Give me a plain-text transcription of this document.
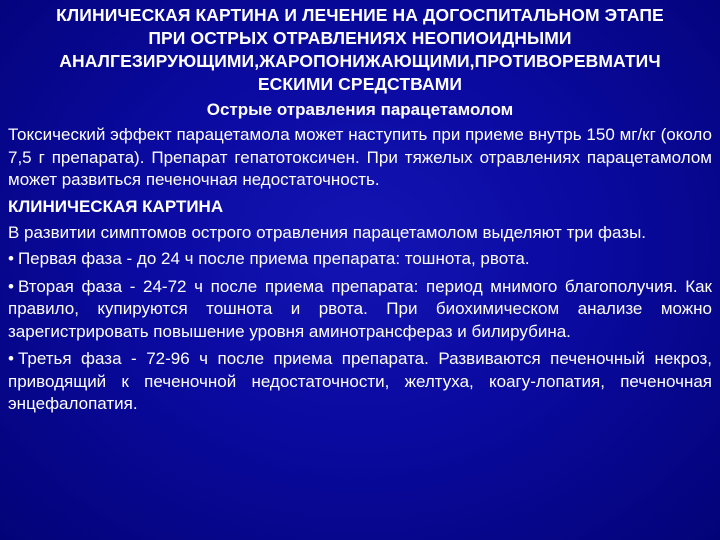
КЛИНИЧЕСКАЯ КАРТИНА И ЛЕЧЕНИЕ НА ДОГОСПИТАЛЬНОМ ЭТАПЕ
ПРИ ОСТРЫХ ОТРАВЛЕНИЯХ НЕОПИОИДНЫМИ
АНАЛГЕЗИРУЮЩИМИ,ЖАРОПОНИЖАЮЩИМИ,ПРОТИВОРЕВМАТИЧ
ЕСКИМИ СРЕДСТВАМИ
Острые отравления парацетамолом

Токсический эффект парацетамола может наступить при приеме внутрь 150 мг/кг (около 7,5 г препарата). Препарат гепатотоксичен. При тяжелых отравлениях парацетамолом может развиться печеночная недостаточность.

КЛИНИЧЕСКАЯ КАРТИНА

В развитии симптомов острого отравления парацетамолом выделяют три фазы.

• Первая фаза - до 24 ч после приема препарата: тошнота, рвота.
• Вторая фаза - 24-72 ч после приема препарата: период мнимого благополучия. Как правило, купируются тошнота и рвота. При биохимическом анализе можно зарегистрировать повышение уровня аминотрансфераз и билирубина.
• Третья фаза - 72-96 ч после приема препарата. Развиваются печеночный некроз, приводящий к печеночной недостаточности, желтуха, коагу-лопатия, печеночная энцефалопатия.
